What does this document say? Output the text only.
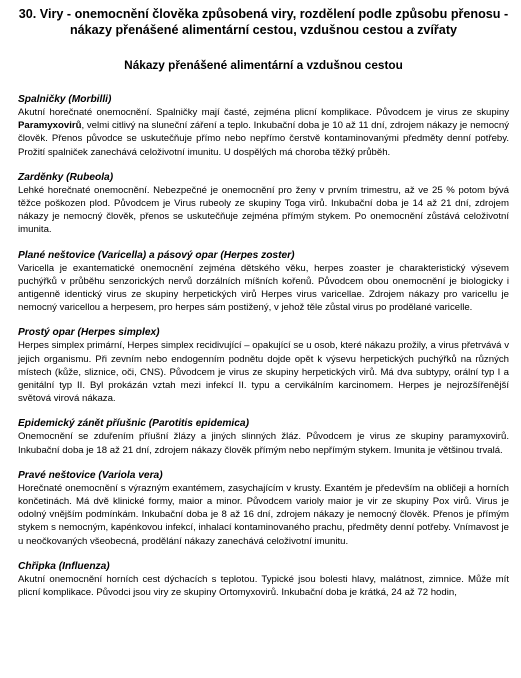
30. Viry - onemocnění člověka způsobená viry, rozdělení podle způsobu přenosu - nákazy přenášené alimentární cestou, vzdušnou cestou a zvířaty
Nákazy přenášené alimentární a vzdušnou cestou
Spalničky (Morbilli)

Akutní horečnaté onemocnění. Spalničky mají časté, zejména plicní komplikace. Původcem je virus ze skupiny Paramyxovirů, velmi citlivý na sluneční záření a teplo. Inkubační doba je 10 až 11 dní, zdrojem nákazy je nemocný člověk. Přenos původce se uskutečňuje přímo nebo nepřímo čerstvě kontaminovanými předměty denní potřeby. Prožití spalniček zanechává celoživotní imunitu. U dospělých má choroba těžký průběh.

Zarděnky (Rubeola)

Lehké horečnaté onemocnění. Nebezpečné je onemocnění pro ženy v prvním trimestru, až ve 25 % potom bývá těžce poškozen plod. Původcem je Virus rubeoly ze skupiny Toga virů. Inkubační doba je 14 až 21 dní, zdrojem nákazy je nemocný člověk, přenos se uskutečňuje zejména přímým stykem. Po onemocnění zůstává celoživotní imunita.

Plané neštovice (Varicella) a pásový opar (Herpes zoster)

Varicella je exantematické onemocnění zejména dětského věku, herpes zoaster je charakteristický výsevem puchýřků v průběhu senzorických nervů dorzálních míšních kořenů. Původcem obou onemocnění je biologicky i antigenně identický virus ze skupiny herpetických virů Herpes virus varicellae. Zdrojem nákazy pro varicellu je nemocný varicellou a herpesem, pro herpes sám postižený, v jehož těle zůstal virus po prodělané varicelle.

Prostý opar (Herpes simplex)

Herpes simplex primární, Herpes simplex recidivující – opakující se u osob, které nákazu prožily, a virus přetrvává v jejich organismu. Při zevním nebo endogenním podnětu dojde opět k výsevu herpetických puchýřků na různých místech (kůže, sliznice, oči, CNS). Původcem je virus ze skupiny herpetických virů. Má dva subtypy, orální typ I a genitální typ II. Byl prokázán vztah mezi infekcí II. typu a cervikálním karcinomem. Herpes je nejrozšířenější světová virová nákaza.

Epidemický zánět příušnic (Parotitis epidemica)

Onemocnění se zduřením příušní žlázy a jiných slinných žláz. Původcem je virus ze skupiny paramyxovirů. Inkubační doba je 18 až 21 dní, zdrojem nákazy člověk přímým nebo nepřímým stykem. Imunita je většinou trvalá.

Pravé neštovice (Variola vera)

Horečnaté onemocnění s výrazným exantémem, zasychajícím v krusty. Exantém je především na obličeji a horních končetinách. Má dvě klinické formy, maior a minor. Původcem varioly maior je vir ze skupiny Pox virů. Virus je odolný vnějším podmínkám. Inkubační doba je 8 až 16 dní, zdrojem nákazy je nemocný člověk. Přenos je přímým stykem s nemocným, kapénkovou infekcí, inhalací kontaminovaného prachu, předměty denní potřeby. Vnímavost je u neočkovaných všeobecná, prodělání nákazy zanechává celoživotní imunitu.

Chřipka (Influenza)

Akutní onemocnění horních cest dýchacích s teplotou. Typické jsou bolesti hlavy, malátnost, zimnice. Může mít plicní komplikace. Původci jsou viry ze skupiny Ortomyxovirů. Inkubační doba je krátká, 24 až 72 hodin,
